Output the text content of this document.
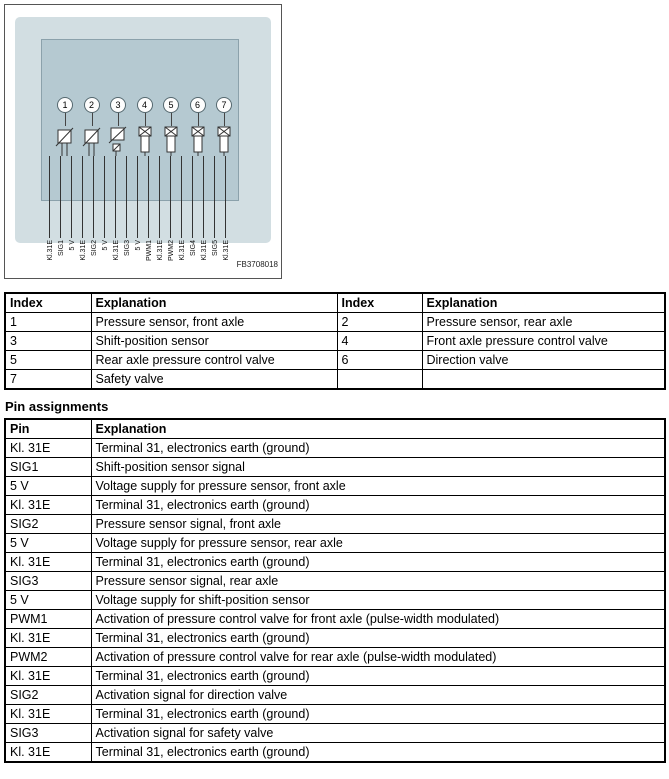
FB3708018
1	2	3	4	5	6	7
Kl.31E SIG1 5 V Kl.31E SIG2 5 V Kl.31E SIG3 5 V PWM1 Kl.31E PWM2 Kl.31E SIG4 Kl.31E SIG5 Kl.31E
Index	Explanation	Index	Explanation
1	Pressure sensor, front axle	2	Pressure sensor, rear axle
3	Shift-position sensor	4	Front axle pressure control valve
5	Rear axle pressure control valve	6	Direction valve
7	Safety valve		
Pin assignments
Pin	Explanation
Kl. 31E	Terminal 31, electronics earth (ground)
SIG1	Shift-position sensor signal
5 V	Voltage supply for pressure sensor, front axle
Kl. 31E	Terminal 31, electronics earth (ground)
SIG2	Pressure sensor signal, front axle
5 V	Voltage supply for pressure sensor, rear axle
Kl. 31E	Terminal 31, electronics earth (ground)
SIG3	Pressure sensor signal, rear axle
5 V	Voltage supply for shift-position sensor
PWM1	Activation of pressure control valve for front axle (pulse-width modulated)
Kl. 31E	Terminal 31, electronics earth (ground)
PWM2	Activation of pressure control valve for rear axle (pulse-width modulated)
Kl. 31E	Terminal 31, electronics earth (ground)
SIG2	Activation signal for direction valve
Kl. 31E	Terminal 31, electronics earth (ground)
SIG3	Activation signal for safety valve
Kl. 31E	Terminal 31, electronics earth (ground)
